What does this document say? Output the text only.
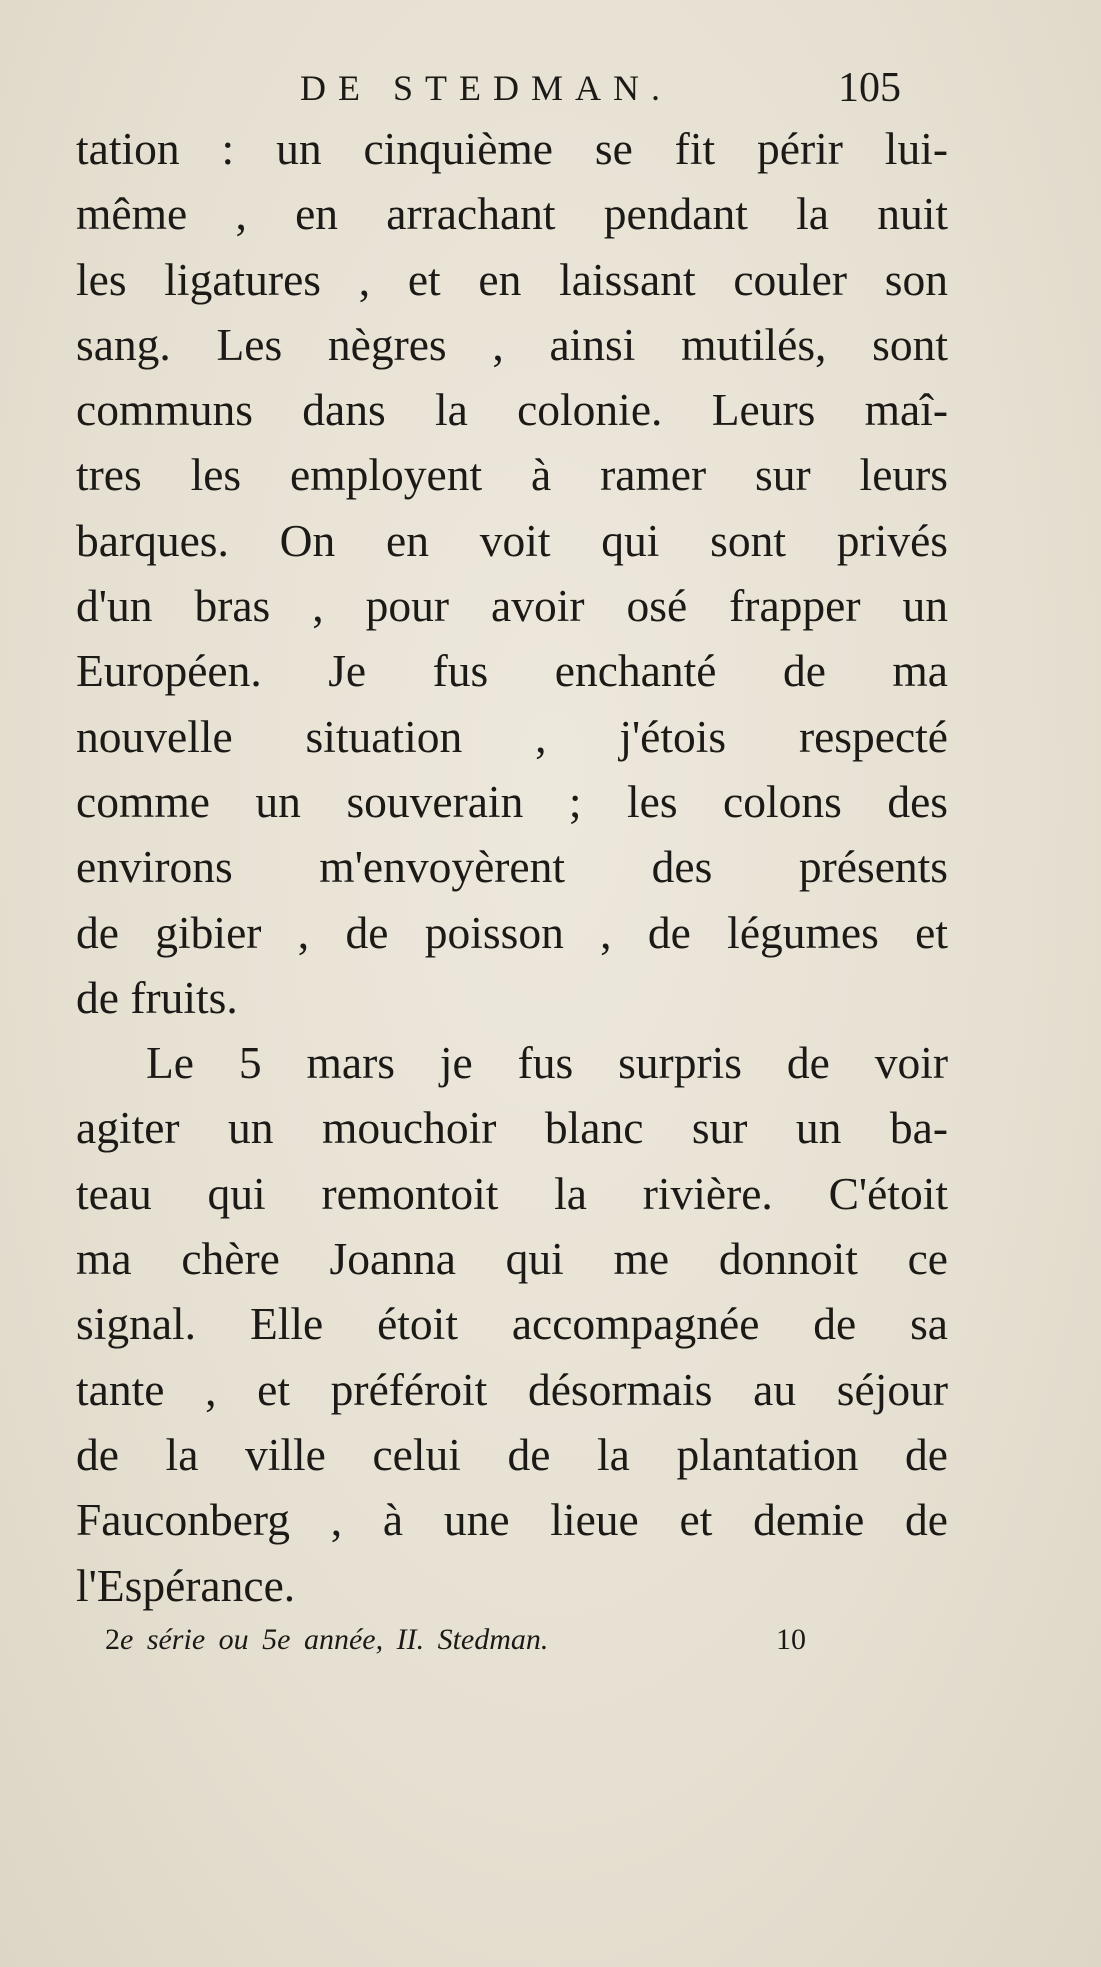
DE STEDMAN.	105
tation : un cinquième se fit périr lui-
même , en arrachant pendant la nuit
les ligatures , et en laissant couler son
sang. Les nègres , ainsi mutilés, sont
communs dans la colonie. Leurs maî-
tres les employent à ramer sur leurs
barques. On en voit qui sont privés
d'un bras , pour avoir osé frapper un
Européen. Je fus enchanté de ma
nouvelle situation , j'étois respecté
comme un souverain ; les colons des
environs m'envoyèrent des présents
de gibier , de poisson , de légumes et
de fruits.
Le 5 mars je fus surpris de voir
agiter un mouchoir blanc sur un ba-
teau qui remontoit la rivière. C'étoit
ma chère Joanna qui me donnoit ce
signal. Elle étoit accompagnée de sa
tante , et préféroit désormais au séjour
de la ville celui de la plantation de
Fauconberg , à une lieue et demie de
l'Espérance.
2e série ou 5e année, II. Stedman.	10
